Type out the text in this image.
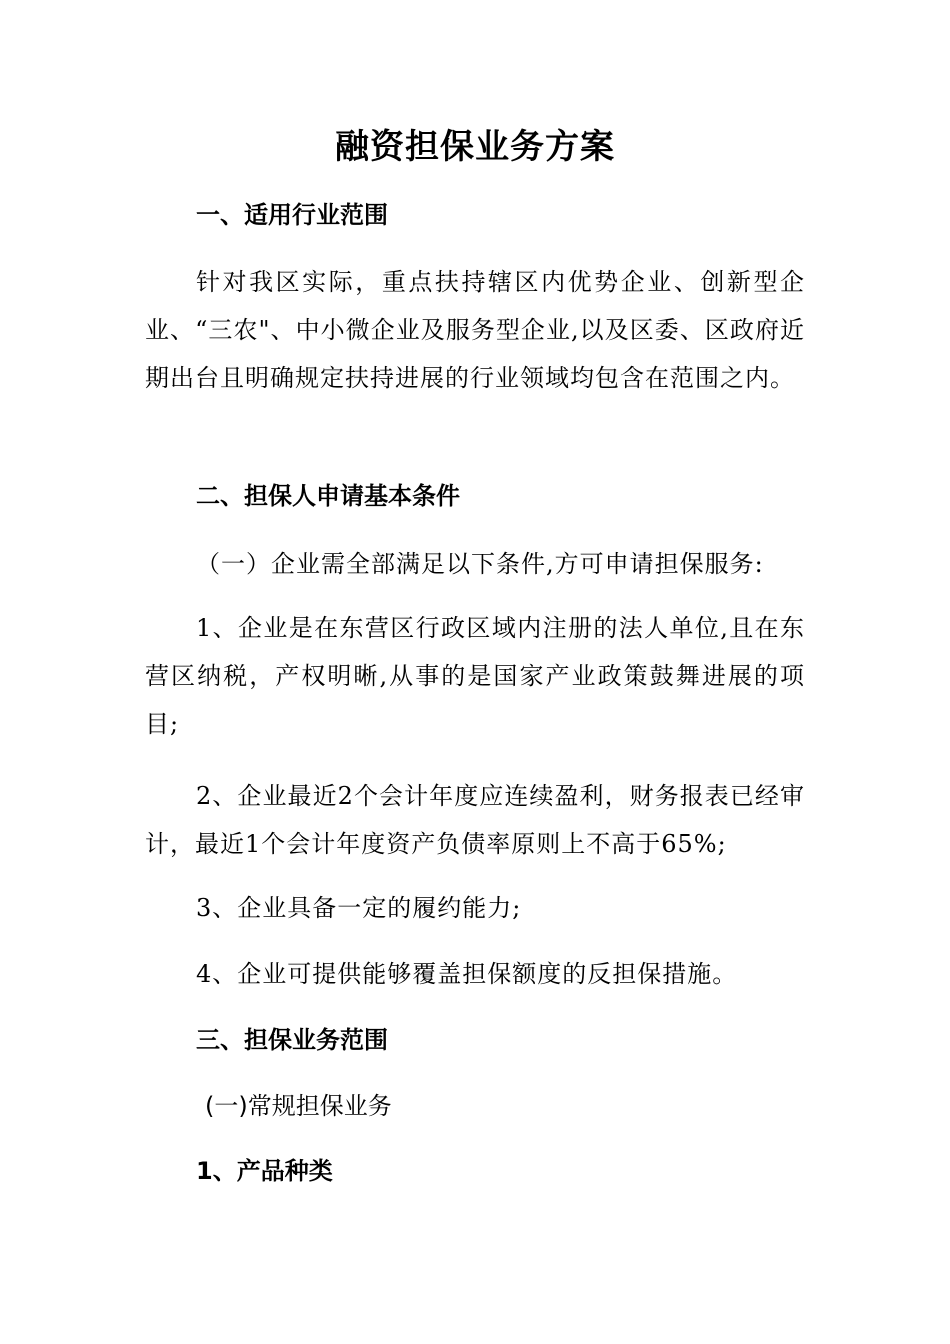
融资担保业务方案
一、适用行业范围

针对我区实际，重点扶持辖区内优势企业、创新型企业、“三农"、中小微企业及服务型企业,以及区委、区政府近期出台且明确规定扶持进展的行业领域均包含在范围之内。

二、担保人申请基本条件

（一）企业需全部满足以下条件,方可申请担保服务:

1、企业是在东营区行政区域内注册的法人单位,且在东营区纳税，产权明晰,从事的是国家产业政策鼓舞进展的项目;

2、企业最近2个会计年度应连续盈利，财务报表已经审计，最近1个会计年度资产负债率原则上不高于65%;

3、企业具备一定的履约能力;

4、企业可提供能够覆盖担保额度的反担保措施。

三、担保业务范围

(一)常规担保业务

1、产品种类
